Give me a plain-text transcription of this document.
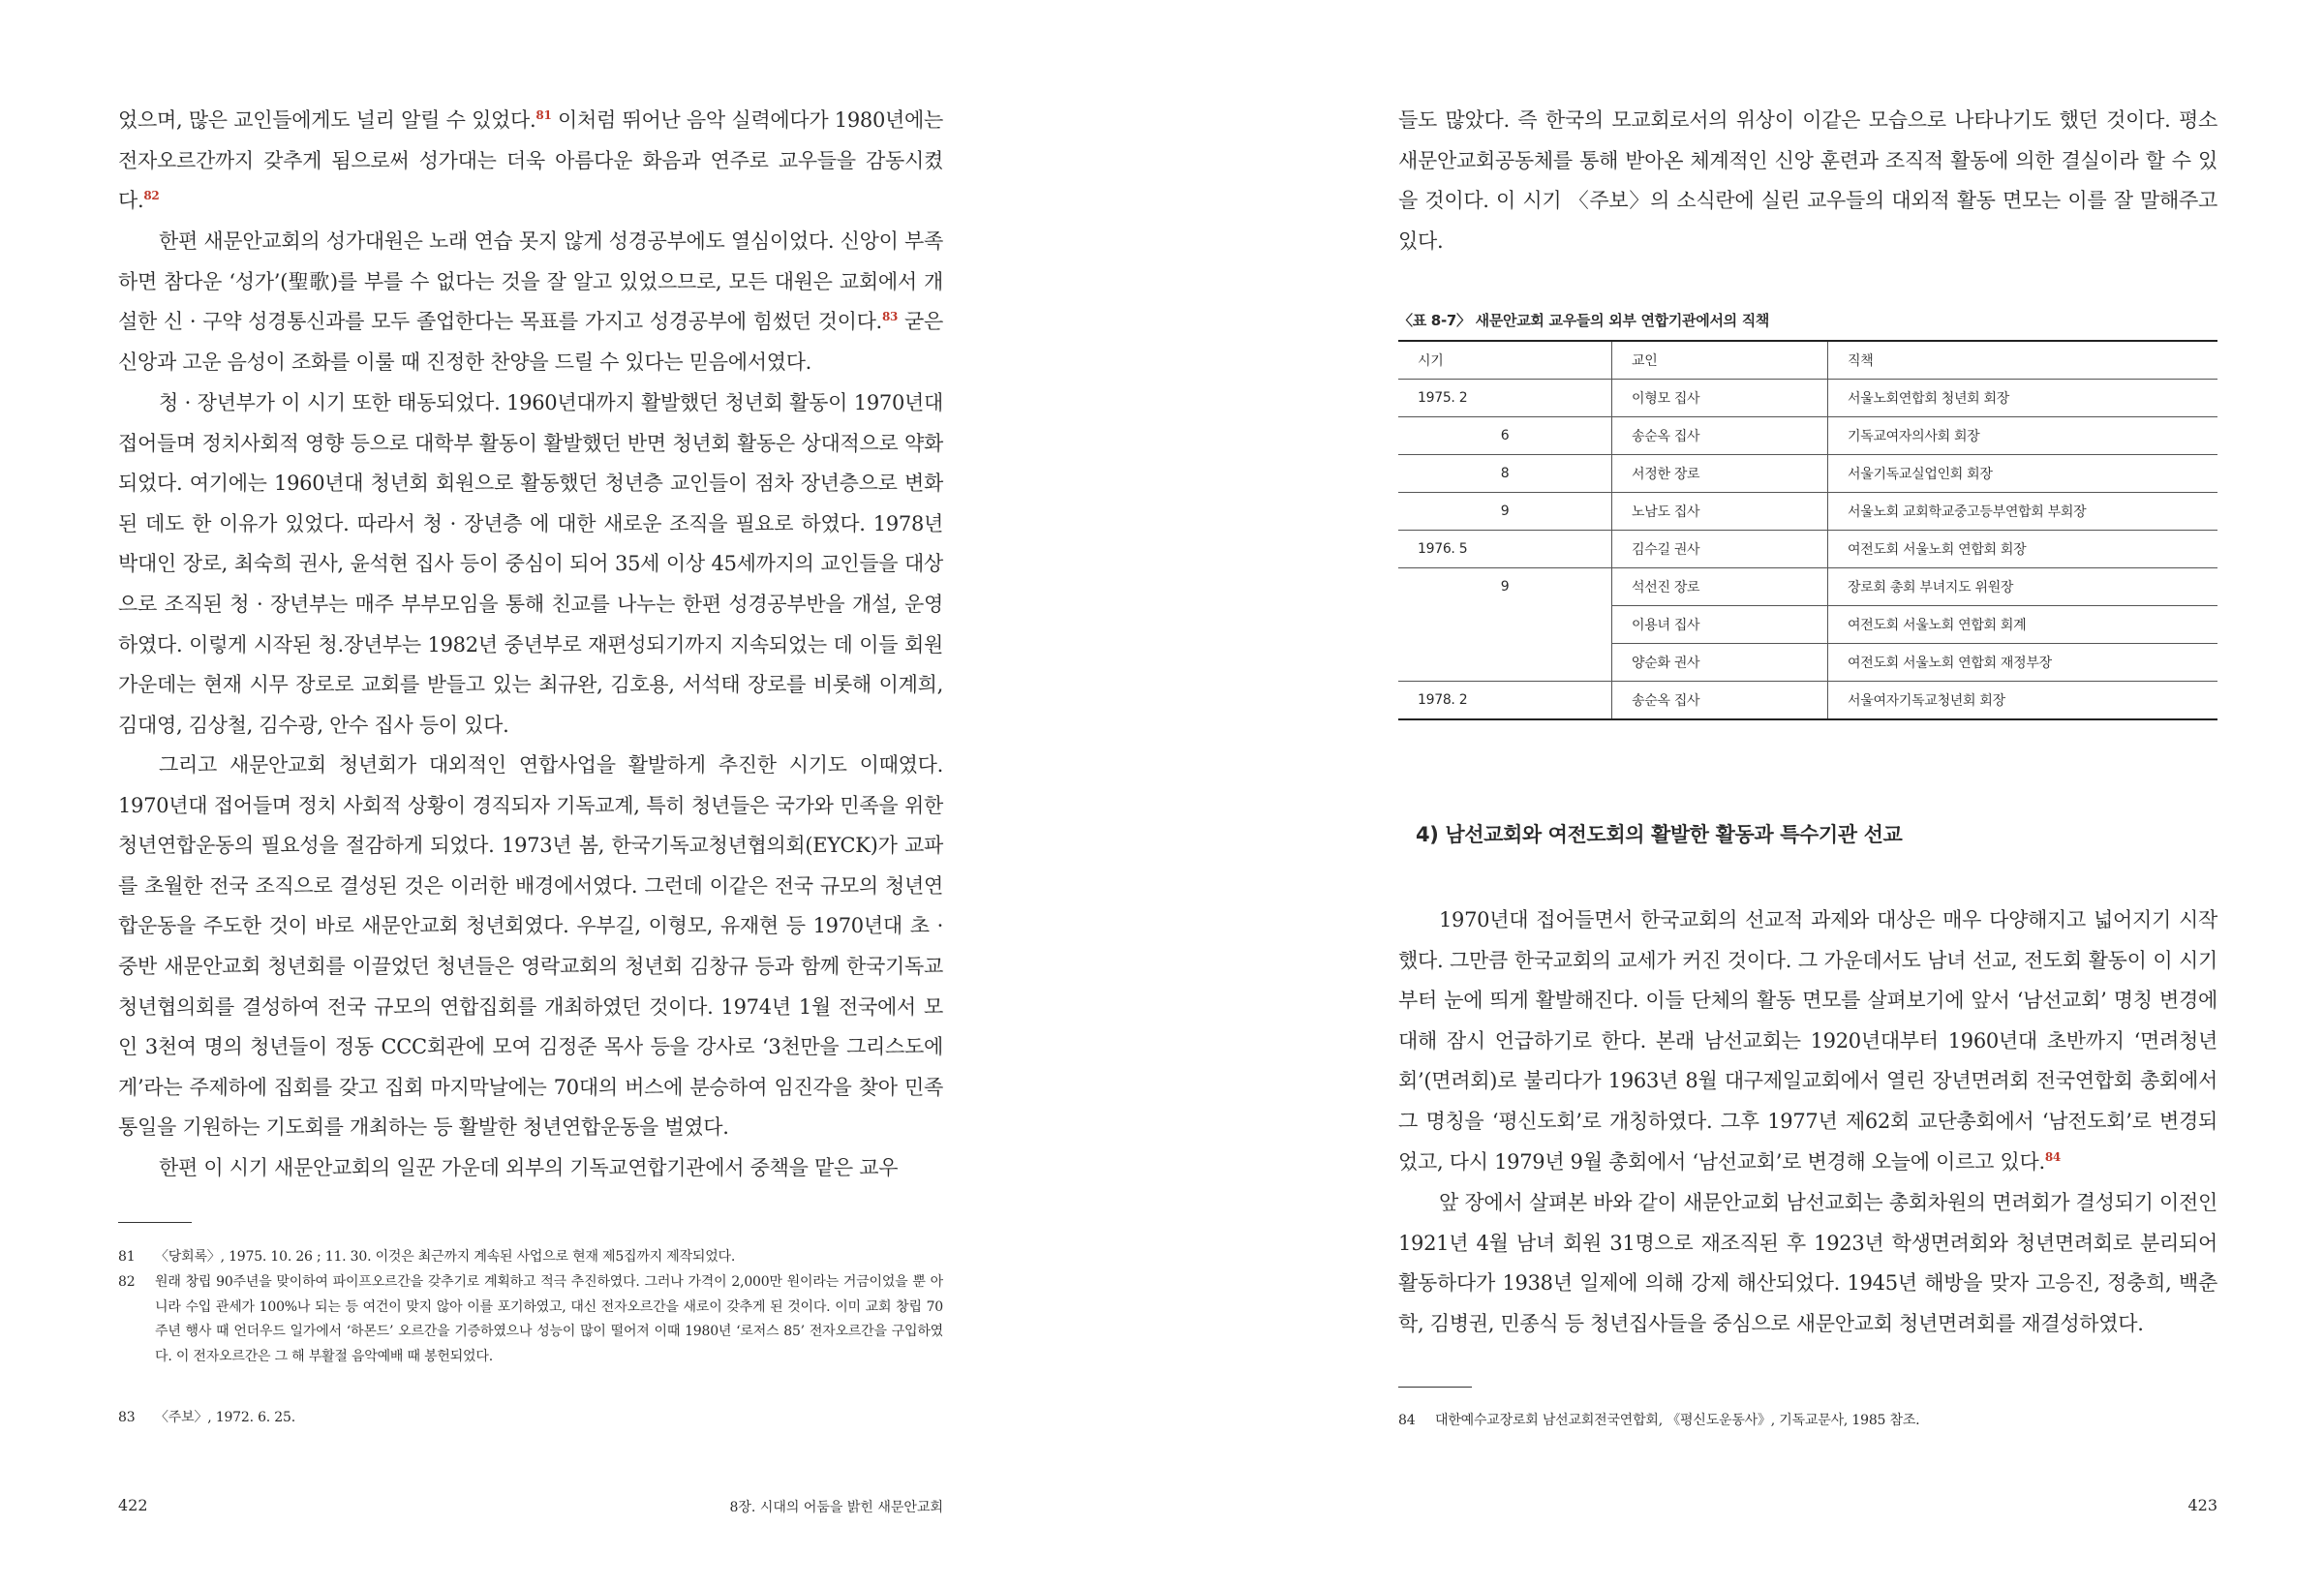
었으며, 많은 교인들에게도 널리 알릴 수 있었다.$^{81}$ 이처럼 뛰어난 음악 실력에다가 1980년에는 전자오르간까지 갖추게 됨으로써 성가대는 더욱 아름다운 화음과 연주로 교우들을 감동시켰다.$^{82}$

한편 새문안교회의 성가대원은 노래 연습 못지 않게 성경공부에도 열심이었다. 신앙이 부족하면 참다운 ‘성가’(聖歌)를 부를 수 없다는 것을 잘 알고 있었으므로, 모든 대원은 교회에서 개설한 신 · 구약 성경통신과를 모두 졸업한다는 목표를 가지고 성경공부에 힘썼던 것이다.$^{83}$ 굳은 신앙과 고운 음성이 조화를 이룰 때 진정한 찬양을 드릴 수 있다는 믿음에서였다.

청 · 장년부가 이 시기 또한 태동되었다. 1960년대까지 활발했던 청년회 활동이 1970년대 접어들며 정치사회적 영향 등으로 대학부 활동이 활발했던 반면 청년회 활동은 상대적으로 약화되었다. 여기에는 1960년대 청년회 회원으로 활동했던 청년층 교인들이 점차 장년층으로 변화된 데도 한 이유가 있었다. 따라서 청 · 장년층 에 대한 새로운 조직을 필요로 하였다. 1978년 박대인 장로, 최숙희 권사, 윤석현 집사 등이 중심이 되어 35세 이상 45세까지의 교인들을 대상으로 조직된 청 · 장년부는 매주 부부모임을 통해 친교를 나누는 한편 성경공부반을 개설, 운영하였다. 이렇게 시작된 청.장년부는 1982년 중년부로 재편성되기까지 지속되었는 데 이들 회원 가운데는 현재 시무 장로로 교회를 받들고 있는 최규완, 김호용, 서석태 장로를 비롯해 이계희, 김대영, 김상철, 김수광, 안수 집사 등이 있다.

그리고 새문안교회 청년회가 대외적인 연합사업을 활발하게 추진한 시기도 이때였다. 1970년대 접어들며 정치 사회적 상황이 경직되자 기독교계, 특히 청년들은 국가와 민족을 위한 청년연합운동의 필요성을 절감하게 되었다. 1973년 봄, 한국기독교청년협의회(EYCK)가 교파를 초월한 전국 조직으로 결성된 것은 이러한 배경에서였다. 그런데 이같은 전국 규모의 청년연합운동을 주도한 것이 바로 새문안교회 청년회였다. 우부길, 이형모, 유재현 등 1970년대 초 · 중반 새문안교회 청년회를 이끌었던 청년들은 영락교회의 청년회 김창규 등과 함께 한국기독교청년협의회를 결성하여 전국 규모의 연합집회를 개최하였던 것이다. 1974년 1월 전국에서 모인 3천여 명의 청년들이 정동 CCC회관에 모여 김정준 목사 등을 강사로 ‘3천만을 그리스도에게’라는 주제하에 집회를 갖고 집회 마지막날에는 70대의 버스에 분승하여 임진각을 찾아 민족통일을 기원하는 기도회를 개최하는 등 활발한 청년연합운동을 벌였다.

한편 이 시기 새문안교회의 일꾼 가운데 외부의 기독교연합기관에서 중책을 맡은 교우

81 〈당회록〉, 1975. 10. 26 ; 11. 30. 이것은 최근까지 계속된 사업으로 현재 제5집까지 제작되었다.
82 원래 창립 90주년을 맞이하여 파이프오르간을 갖추기로 계획하고 적극 추진하였다. 그러나 가격이 2,000만 원이라는 거금이었을 뿐 아니라 수입 관세가 100%나 되는 등 여건이 맞지 않아 이를 포기하였고, 대신 전자오르간을 새로이 갖추게 된 것이다. 이미 교회 창립 70주년 행사 때 언더우드 일가에서 ‘하몬드’ 오르간을 기증하였으나 성능이 많이 떨어져 이때 1980년 ‘로저스 85’ 전자오르간을 구입하였다. 이 전자오르간은 그 해 부활절 음악예배 때 봉헌되었다.
83 〈주보〉, 1972. 6. 25.
422	8장. 시대의 어둠을 밝힌 새문안교회

들도 많았다. 즉 한국의 모교회로서의 위상이 이같은 모습으로 나타나기도 했던 것이다. 평소 새문안교회공동체를 통해 받아온 체계적인 신앙 훈련과 조직적 활동에 의한 결실이라 할 수 있을 것이다. 이 시기 〈주보〉의 소식란에 실린 교우들의 대외적 활동 면모는 이를 잘 말해주고 있다.

〈표 8-7〉 새문안교회 교우들의 외부 연합기관에서의 직책

시기	교인	직책
1975. 2	이형모 집사	서울노회연합회 청년회 회장
6	송순옥 집사	기독교여자의사회 회장
8	서정한 장로	서울기독교실업인회 회장
9	노남도 집사	서울노회 교회학교중고등부연합회 부회장
1976. 5	김수길 권사	여전도회 서울노회 연합회 회장
9	석선진 장로	장로회 총회 부녀지도 위원장
	이용녀 집사	여전도회 서울노회 연합회 회계
	양순화 권사	여전도회 서울노회 연합회 재정부장
1978. 2	송순옥 집사	서울여자기독교청년회 회장

4) 남선교회와 여전도회의 활발한 활동과 특수기관 선교

1970년대 접어들면서 한국교회의 선교적 과제와 대상은 매우 다양해지고 넓어지기 시작했다. 그만큼 한국교회의 교세가 커진 것이다. 그 가운데서도 남녀 선교, 전도회 활동이 이 시기부터 눈에 띄게 활발해진다. 이들 단체의 활동 면모를 살펴보기에 앞서 ‘남선교회’ 명칭 변경에 대해 잠시 언급하기로 한다. 본래 남선교회는 1920년대부터 1960년대 초반까지 ‘면려청년회’(면려회)로 불리다가 1963년 8월 대구제일교회에서 열린 장년면려회 전국연합회 총회에서 그 명칭을 ‘평신도회’로 개칭하였다. 그후 1977년 제62회 교단총회에서 ‘남전도회’로 변경되었고, 다시 1979년 9월 총회에서 ‘남선교회’로 변경해 오늘에 이르고 있다.$^{84}$

앞 장에서 살펴본 바와 같이 새문안교회 남선교회는 총회차원의 면려회가 결성되기 이전인 1921년 4월 남녀 회원 31명으로 재조직된 후 1923년 학생면려회와 청년면려회로 분리되어 활동하다가 1938년 일제에 의해 강제 해산되었다. 1945년 해방을 맞자 고응진, 정충희, 백춘학, 김병권, 민종식 등 청년집사들을 중심으로 새문안교회 청년면려회를 재결성하였다.

84 대한예수교장로회 남선교회전국연합회, 《평신도운동사》, 기독교문사, 1985 참조.
423
